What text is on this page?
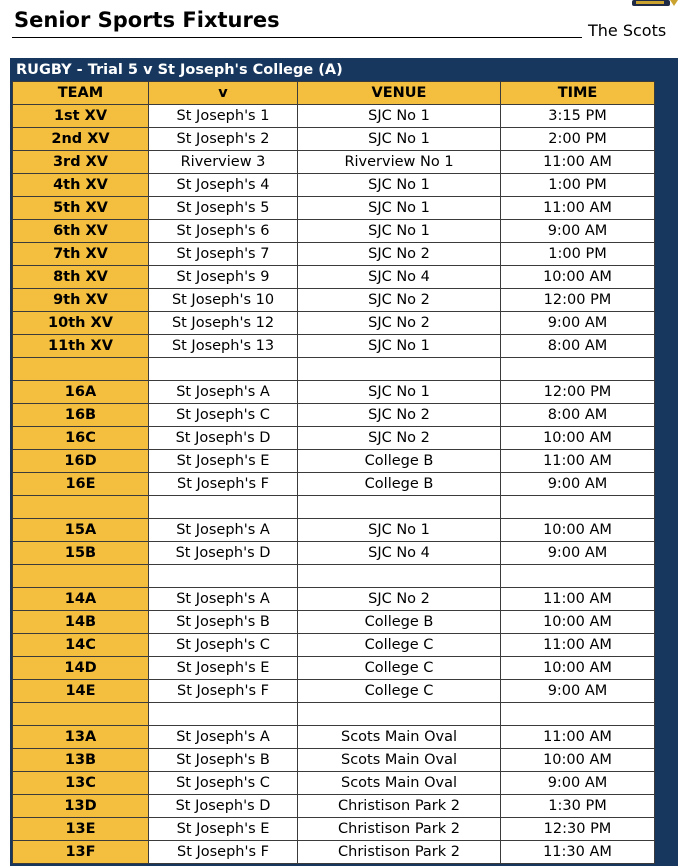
Senior Sports Fixtures	The Scots
RUGBY - Trial 5 v St Joseph's College (A)
TEAM	v	VENUE	TIME
1st XV	St Joseph's 1	SJC No 1	3:15 PM
2nd XV	St Joseph's 2	SJC No 1	2:00 PM
3rd XV	Riverview 3	Riverview No 1	11:00 AM
4th XV	St Joseph's 4	SJC No 1	1:00 PM
5th XV	St Joseph's 5	SJC No 1	11:00 AM
6th XV	St Joseph's 6	SJC No 1	9:00 AM
7th XV	St Joseph's 7	SJC No 2	1:00 PM
8th XV	St Joseph's 9	SJC No 4	10:00 AM
9th XV	St Joseph's 10	SJC No 2	12:00 PM
10th XV	St Joseph's 12	SJC No 2	9:00 AM
11th XV	St Joseph's 13	SJC No 1	8:00 AM

16A	St Joseph's A	SJC No 1	12:00 PM
16B	St Joseph's C	SJC No 2	8:00 AM
16C	St Joseph's D	SJC No 2	10:00 AM
16D	St Joseph's E	College B	11:00 AM
16E	St Joseph's F	College B	9:00 AM

15A	St Joseph's A	SJC No 1	10:00 AM
15B	St Joseph's D	SJC No 4	9:00 AM

14A	St Joseph's A	SJC No 2	11:00 AM
14B	St Joseph's B	College B	10:00 AM
14C	St Joseph's C	College C	11:00 AM
14D	St Joseph's E	College C	10:00 AM
14E	St Joseph's F	College C	9:00 AM

13A	St Joseph's A	Scots Main Oval	11:00 AM
13B	St Joseph's B	Scots Main Oval	10:00 AM
13C	St Joseph's C	Scots Main Oval	9:00 AM
13D	St Joseph's D	Christison Park 2	1:30 PM
13E	St Joseph's E	Christison Park 2	12:30 PM
13F	St Joseph's F	Christison Park 2	11:30 AM
